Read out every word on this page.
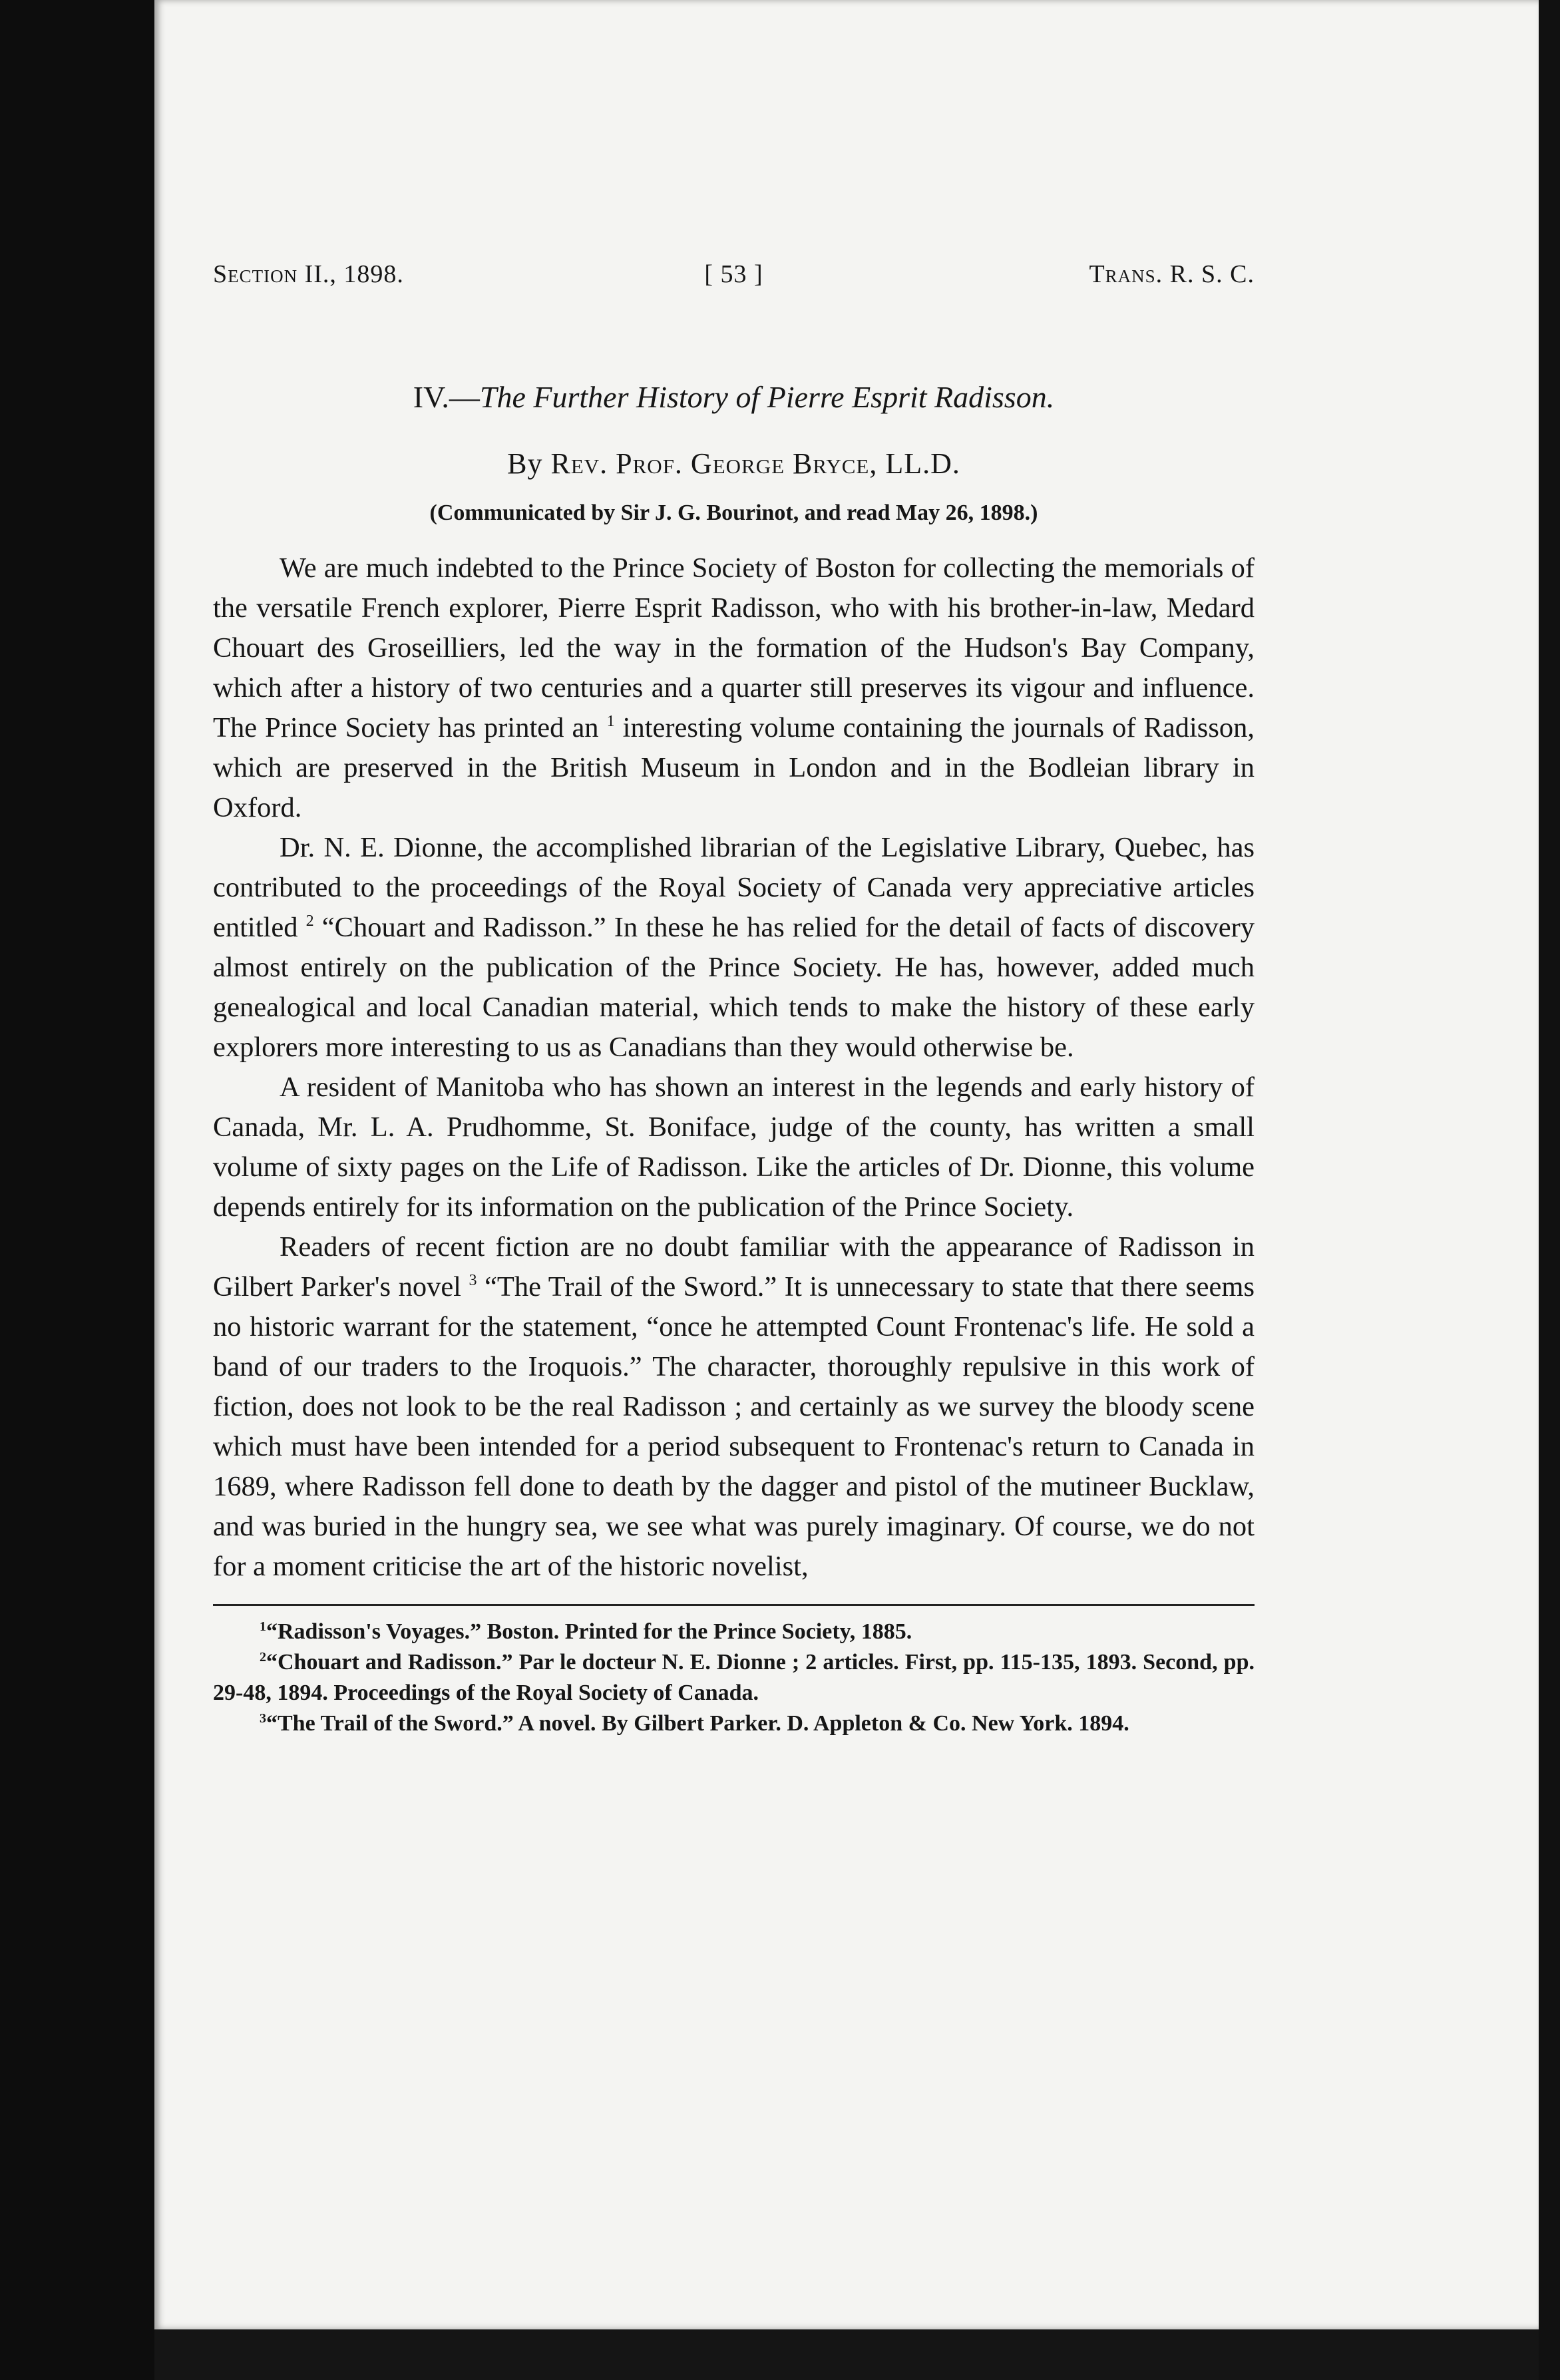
Section II., 1898.	[ 53 ]	Trans. R. S. C.
IV.—The Further History of Pierre Esprit Radisson.
By Rev. Prof. George Bryce, LL.D.
(Communicated by Sir J. G. Bourinot, and read May 26, 1898.)

We are much indebted to the Prince Society of Boston for collecting the memorials of the versatile French explorer, Pierre Esprit Radisson, who with his brother-in-law, Medard Chouart des Groseilliers, led the way in the formation of the Hudson's Bay Company, which after a history of two centuries and a quarter still preserves its vigour and influence. The Prince Society has printed an $^1$ interesting volume containing the journals of Radisson, which are preserved in the British Museum in London and in the Bodleian library in Oxford.

Dr. N. E. Dionne, the accomplished librarian of the Legislative Library, Quebec, has contributed to the proceedings of the Royal Society of Canada very appreciative articles entitled $^2$ “Chouart and Radisson.” In these he has relied for the detail of facts of discovery almost entirely on the publication of the Prince Society. He has, however, added much genealogical and local Canadian material, which tends to make the history of these early explorers more interesting to us as Canadians than they would otherwise be.

A resident of Manitoba who has shown an interest in the legends and early history of Canada, Mr. L. A. Prudhomme, St. Boniface, judge of the county, has written a small volume of sixty pages on the Life of Radisson. Like the articles of Dr. Dionne, this volume depends entirely for its information on the publication of the Prince Society.

Readers of recent fiction are no doubt familiar with the appearance of Radisson in Gilbert Parker's novel $^3$ “The Trail of the Sword.” It is unnecessary to state that there seems no historic warrant for the statement, “once he attempted Count Frontenac's life. He sold a band of our traders to the Iroquois.” The character, thoroughly repulsive in this work of fiction, does not look to be the real Radisson ; and certainly as we survey the bloody scene which must have been intended for a period subsequent to Frontenac's return to Canada in 1689, where Radisson fell done to death by the dagger and pistol of the mutineer Bucklaw, and was buried in the hungry sea, we see what was purely imaginary. Of course, we do not for a moment criticise the art of the historic novelist,

$^1$“Radisson's Voyages.” Boston. Printed for the Prince Society, 1885.

$^2$“Chouart and Radisson.” Par le docteur N. E. Dionne ; 2 articles. First, pp. 115-135, 1893. Second, pp. 29-48, 1894. Proceedings of the Royal Society of Canada.

$^3$“The Trail of the Sword.” A novel. By Gilbert Parker. D. Appleton & Co. New York. 1894.
